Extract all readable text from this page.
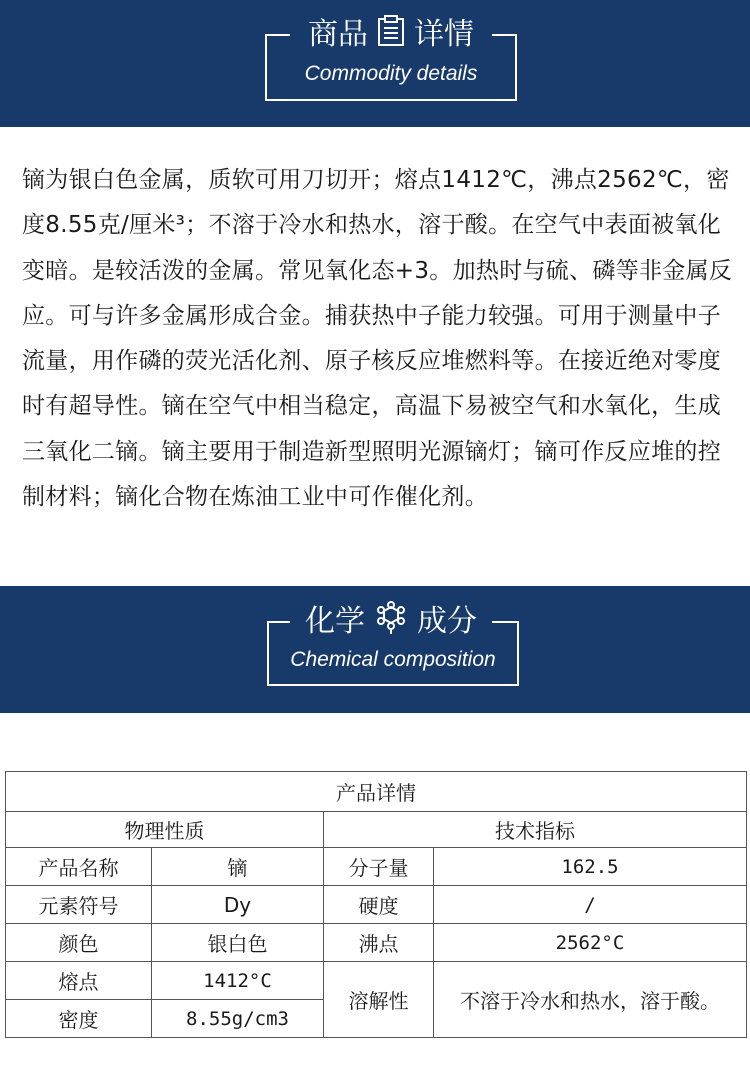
商品 详情
Commodity details
镝为银白色金属，质软可用刀切开；熔点1412℃，沸点2562℃，密度8.55克/厘米³；不溶于冷水和热水，溶于酸。在空气中表面被氧化变暗。是较活泼的金属。常见氧化态+3。加热时与硫、磷等非金属反应。可与许多金属形成合金。捕获热中子能力较强。可用于测量中子流量，用作磷的荧光活化剂、原子核反应堆燃料等。在接近绝对零度时有超导性。镝在空气中相当稳定，高温下易被空气和水氧化，生成三氧化二镝。镝主要用于制造新型照明光源镝灯；镝可作反应堆的控制材料；镝化合物在炼油工业中可作催化剂。
化学 成分
Chemical composition
产品详情			
物理性质		技术指标	
产品名称	镝	分子量	162.5
元素符号	Dy	硬度	/
颜色	银白色	沸点	2562°C
熔点	1412°C	溶解性	不溶于冷水和热水，溶于酸。
密度	8.55g/cm3		
